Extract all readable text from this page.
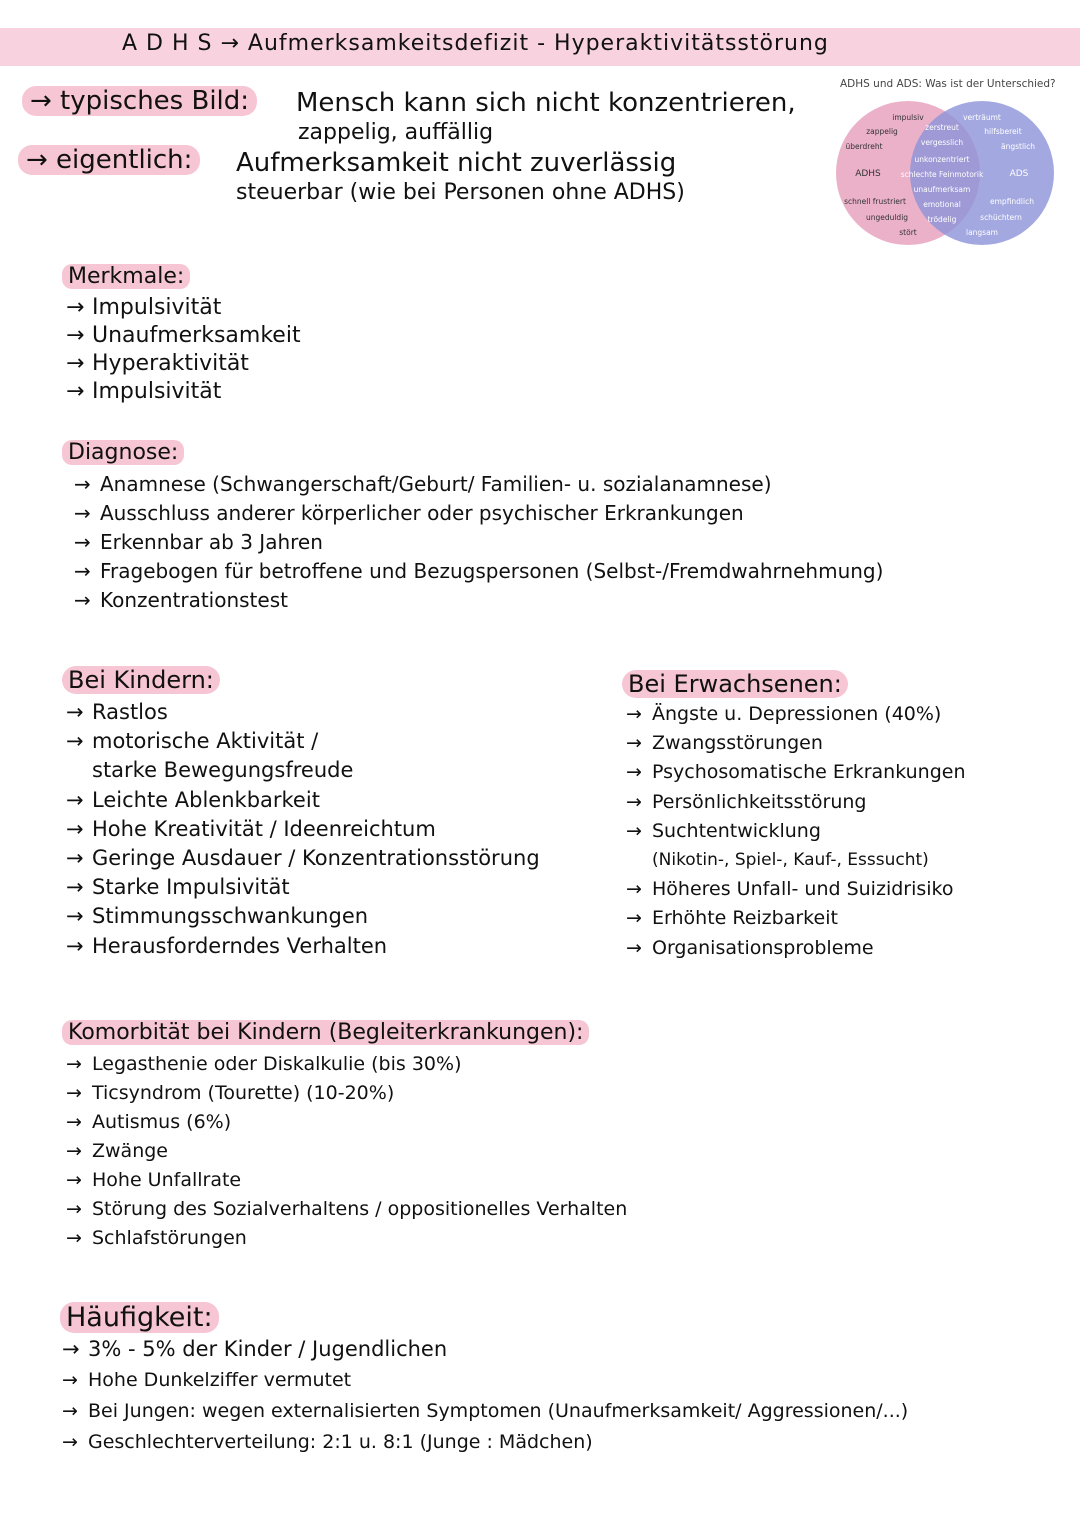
A D H S → Aufmerksamkeitsdefizit - Hyperaktivitätsstörung
→ typisches Bild:	Mensch kann sich nicht konzentrieren,
zappelig, auffällig
→ eigentlich:	Aufmerksamkeit nicht zuverlässig
steuerbar (wie bei Personen ohne ADHS)
ADHS und ADS: Was ist der Unterschied?
ADHS	ADS
impulsiv
zappelig
überdreht
schnell frustriert
ungeduldig
stört
zerstreut
vergesslich
unkonzentriert
schlechte Feinmotorik
unaufmerksam
emotional
trödelig
verträumt
hilfsbereit
ängstlich
empfindlich
schüchtern
langsam
Merkmale:
→ Impulsivität
→ Unaufmerksamkeit
→ Hyperaktivität
→ Impulsivität
Diagnose:
→ Anamnese (Schwangerschaft/Geburt/ Familien- u. sozialanamnese)
→ Ausschluss anderer körperlicher oder psychischer Erkrankungen
→ Erkennbar ab 3 Jahren
→ Fragebogen für betroffene und Bezugspersonen (Selbst-/Fremdwahrnehmung)
→ Konzentrationstest
Bei Kindern:
→ Rastlos
→ motorische Aktivität /
starke Bewegungsfreude
→ Leichte Ablenkbarkeit
→ Hohe Kreativität / Ideenreichtum
→ Geringe Ausdauer / Konzentrationsstörung
→ Starke Impulsivität
→ Stimmungsschwankungen
→ Herausforderndes Verhalten
Bei Erwachsenen:
→ Ängste u. Depressionen (40%)
→ Zwangsstörungen
→ Psychosomatische Erkrankungen
→ Persönlichkeitsstörung
→ Suchtentwicklung
(Nikotin-, Spiel-, Kauf-, Esssucht)
→ Höheres Unfall- und Suizidrisiko
→ Erhöhte Reizbarkeit
→ Organisationsprobleme
Komorbität bei Kindern (Begleiterkrankungen):
→ Legasthenie oder Diskalkulie (bis 30%)
→ Ticsyndrom (Tourette) (10-20%)
→ Autismus (6%)
→ Zwänge
→ Hohe Unfallrate
→ Störung des Sozialverhaltens / oppositionelles Verhalten
→ Schlafstörungen
Häufigkeit:
→ 3% - 5% der Kinder / Jugendlichen
→ Hohe Dunkelziffer vermutet
→ Bei Jungen: wegen externalisierten Symptomen (Unaufmerksamkeit/ Aggressionen/...)
→ Geschlechterverteilung: 2:1 u. 8:1 (Junge : Mädchen)
